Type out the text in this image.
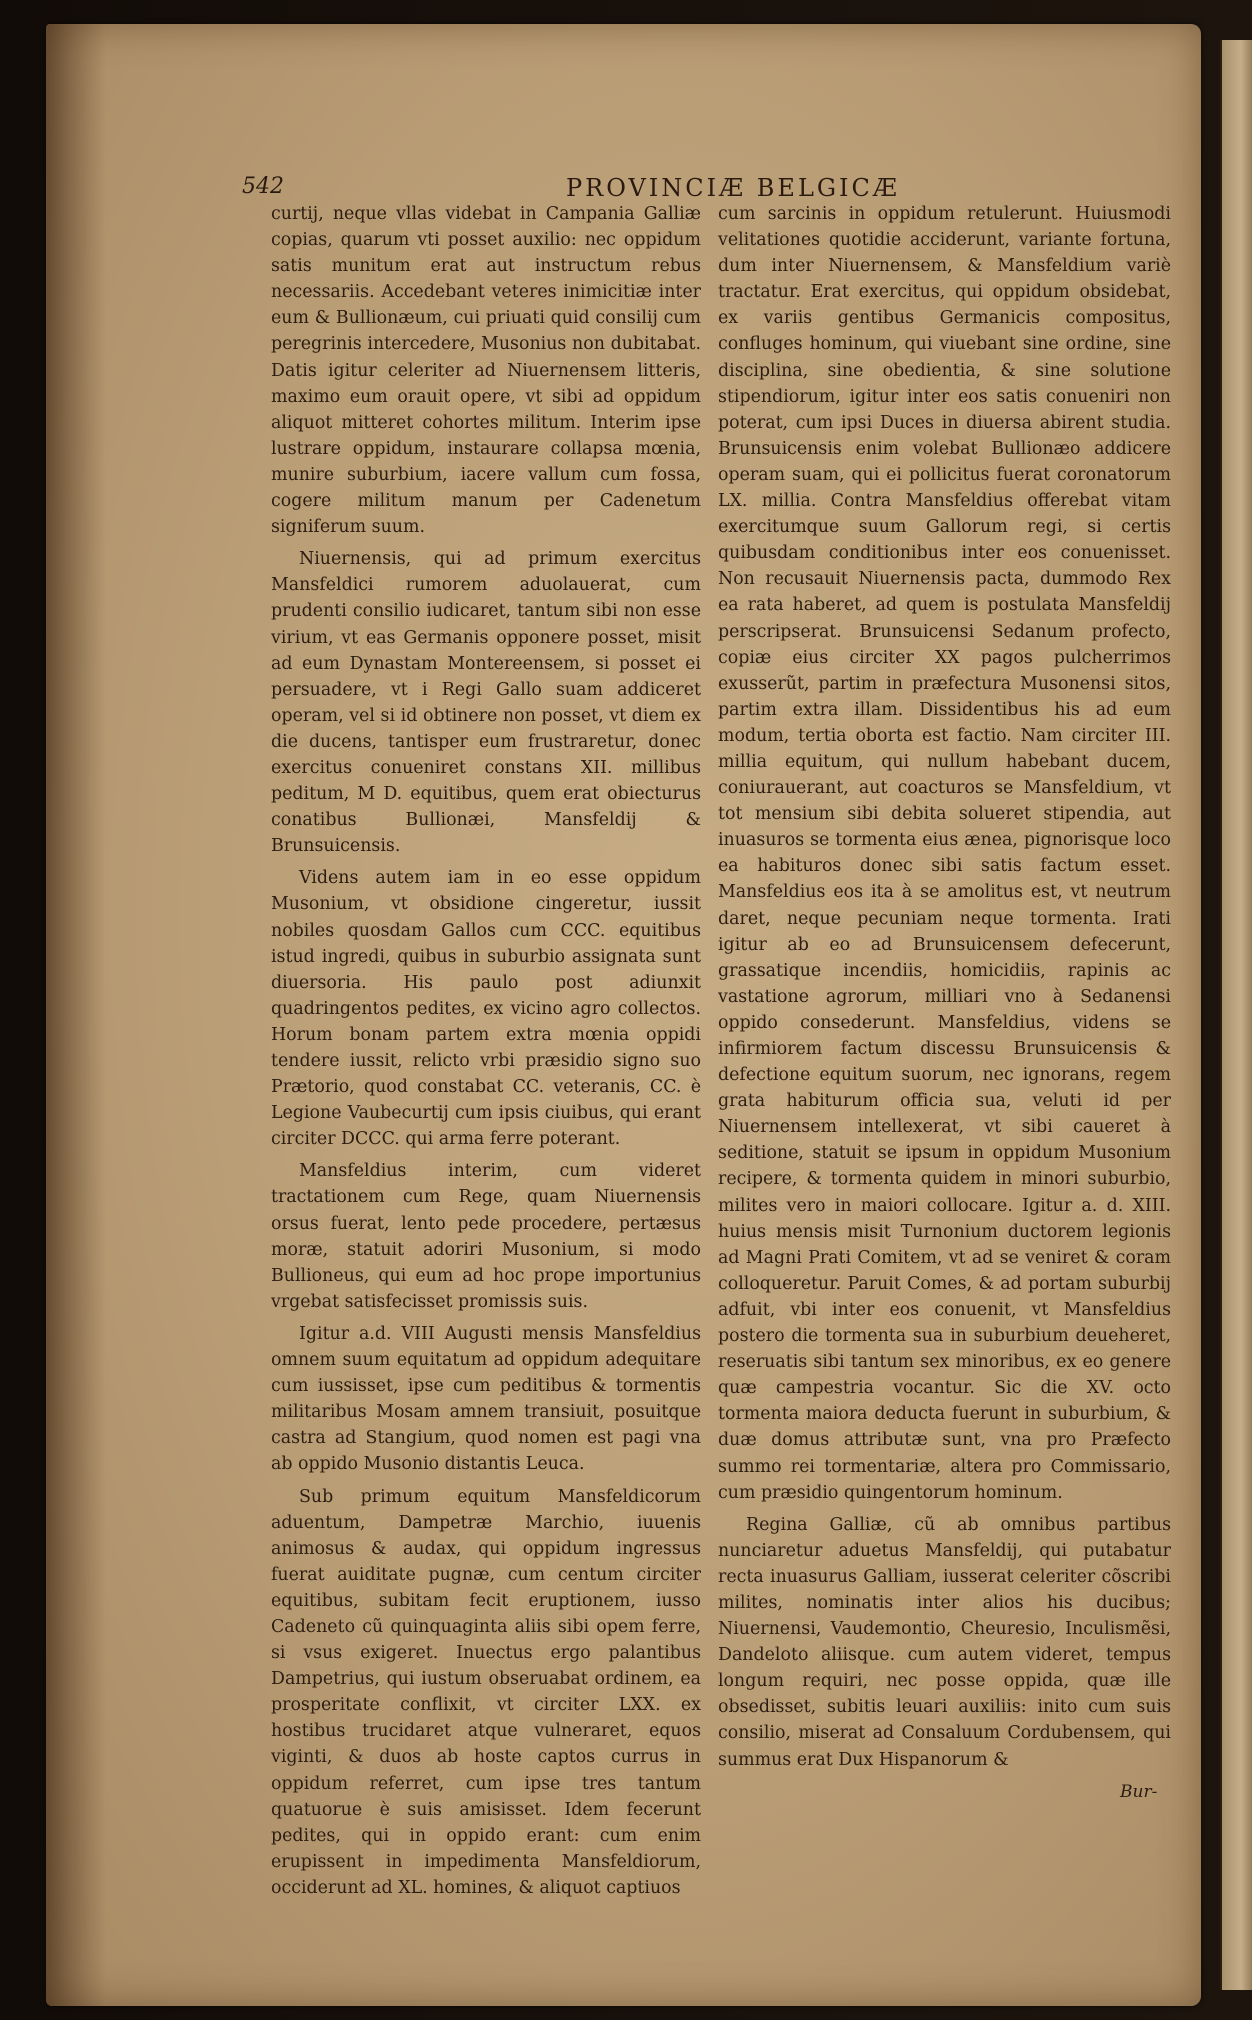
542	PROVINCIÆ BELGICÆ

curtij, neque vllas videbat in Campania Galliæ copias, quarum vti posset auxilio: nec oppidum satis munitum erat aut instructum rebus necessariis. Accedebant veteres inimicitiæ inter eum & Bullionæum, cui priuati quid consilij cum peregrinis intercedere, Musonius non dubitabat. Datis igitur celeriter ad Niuernensem litteris, maximo eum orauit opere, vt sibi ad oppidum aliquot mitteret cohortes militum. Interim ipse lustrare oppidum, instaurare collapsa mœnia, munire suburbium, iacere vallum cum fossa, cogere militum manum per Cadenetum signiferum suum.

Niuernensis, qui ad primum exercitus Mansfeldici rumorem aduolauerat, cum prudenti consilio iudicaret, tantum sibi non esse virium, vt eas Germanis opponere posset, misit ad eum Dynastam Montereensem, si posset ei persuadere, vt i Regi Gallo suam addiceret operam, vel si id obtinere non posset, vt diem ex die ducens, tantisper eum frustraretur, donec exercitus conueniret constans XII. millibus peditum, M D. equitibus, quem erat obiecturus conatibus Bullionæi, Mansfeldij & Brunsuicensis.

Videns autem iam in eo esse oppidum Musonium, vt obsidione cingeretur, iussit nobiles quosdam Gallos cum CCC. equitibus istud ingredi, quibus in suburbio assignata sunt diuersoria. His paulo post adiunxit quadringentos pedites, ex vicino agro collectos. Horum bonam partem extra mœnia oppidi tendere iussit, relicto vrbi præsidio signo suo Prætorio, quod constabat CC. veteranis, CC. è Legione Vaubecurtij cum ipsis ciuibus, qui erant circiter DCCC. qui arma ferre poterant.

Mansfeldius interim, cum videret tractationem cum Rege, quam Niuernensis orsus fuerat, lento pede procedere, pertæsus moræ, statuit adoriri Musonium, si modo Bullioneus, qui eum ad hoc prope importunius vrgebat satisfecisset promissis suis.

Igitur a.d. VIII Augusti mensis Mansfeldius omnem suum equitatum ad oppidum adequitare cum iussisset, ipse cum peditibus & tormentis militaribus Mosam amnem transiuit, posuitque castra ad Stangium, quod nomen est pagi vna ab oppido Musonio distantis Leuca.

Sub primum equitum Mansfeldicorum aduentum, Dampetræ Marchio, iuuenis animosus & audax, qui oppidum ingressus fuerat auiditate pugnæ, cum centum circiter equitibus, subitam fecit eruptionem, iusso Cadeneto cũ quinquaginta aliis sibi opem ferre, si vsus exigeret. Inuectus ergo palantibus Dampetrius, qui iustum obseruabat ordinem, ea prosperitate conflixit, vt circiter LXX. ex hostibus trucidaret atque vulneraret, equos viginti, & duos ab hoste captos currus in oppidum referret, cum ipse tres tantum quatuorue è suis amisisset. Idem fecerunt pedites, qui in oppido erant: cum enim erupissent in impedimenta Mansfeldiorum, occiderunt ad XL. homines, & aliquot captiuos

cum sarcinis in oppidum retulerunt. Huiusmodi velitationes quotidie acciderunt, variante fortuna, dum inter Niuernensem, & Mansfeldium variè tractatur. Erat exercitus, qui oppidum obsidebat, ex variis gentibus Germanicis compositus, confluges hominum, qui viuebant sine ordine, sine disciplina, sine obedientia, & sine solutione stipendiorum, igitur inter eos satis conueniri non poterat, cum ipsi Duces in diuersa abirent studia. Brunsuicensis enim volebat Bullionæo addicere operam suam, qui ei pollicitus fuerat coronatorum LX. millia. Contra Mansfeldius offerebat vitam exercitumque suum Gallorum regi, si certis quibusdam conditionibus inter eos conuenisset. Non recusauit Niuernensis pacta, dummodo Rex ea rata haberet, ad quem is postulata Mansfeldij perscripserat. Brunsuicensi Sedanum profecto, copiæ eius circiter XX pagos pulcherrimos exusserũt, partim in præfectura Musonensi sitos, partim extra illam. Dissidentibus his ad eum modum, tertia oborta est factio. Nam circiter III. millia equitum, qui nullum habebant ducem, coniurauerant, aut coacturos se Mansfeldium, vt tot mensium sibi debita solueret stipendia, aut inuasuros se tormenta eius ænea, pignorisque loco ea habituros donec sibi satis factum esset. Mansfeldius eos ita à se amolitus est, vt neutrum daret, neque pecuniam neque tormenta. Irati igitur ab eo ad Brunsuicensem defecerunt, grassatique incendiis, homicidiis, rapinis ac vastatione agrorum, milliari vno à Sedanensi oppido consederunt. Mansfeldius, videns se infirmiorem factum discessu Brunsuicensis & defectione equitum suorum, nec ignorans, regem grata habiturum officia sua, veluti id per Niuernensem intellexerat, vt sibi caueret à seditione, statuit se ipsum in oppidum Musonium recipere, & tormenta quidem in minori suburbio, milites vero in maiori collocare. Igitur a. d. XIII. huius mensis misit Turnonium ductorem legionis ad Magni Prati Comitem, vt ad se veniret & coram colloqueretur. Paruit Comes, & ad portam suburbij adfuit, vbi inter eos conuenit, vt Mansfeldius postero die tormenta sua in suburbium deueheret, reseruatis sibi tantum sex minoribus, ex eo genere quæ campestria vocantur. Sic die XV. octo tormenta maiora deducta fuerunt in suburbium, & duæ domus attributæ sunt, vna pro Præfecto summo rei tormentariæ, altera pro Commissario, cum præsidio quingentorum hominum.

Regina Galliæ, cũ ab omnibus partibus nunciaretur aduetus Mansfeldij, qui putabatur recta inuasurus Galliam, iusserat celeriter cõscribi milites, nominatis inter alios his ducibus; Niuernensi, Vaudemontio, Cheuresio, Inculismẽsi, Dandeloto aliisque. cum autem videret, tempus longum requiri, nec posse oppida, quæ ille obsedisset, subitis leuari auxiliis: inito cum suis consilio, miserat ad Consaluum Cordubensem, qui summus erat Dux Hispanorum &

Bur-
